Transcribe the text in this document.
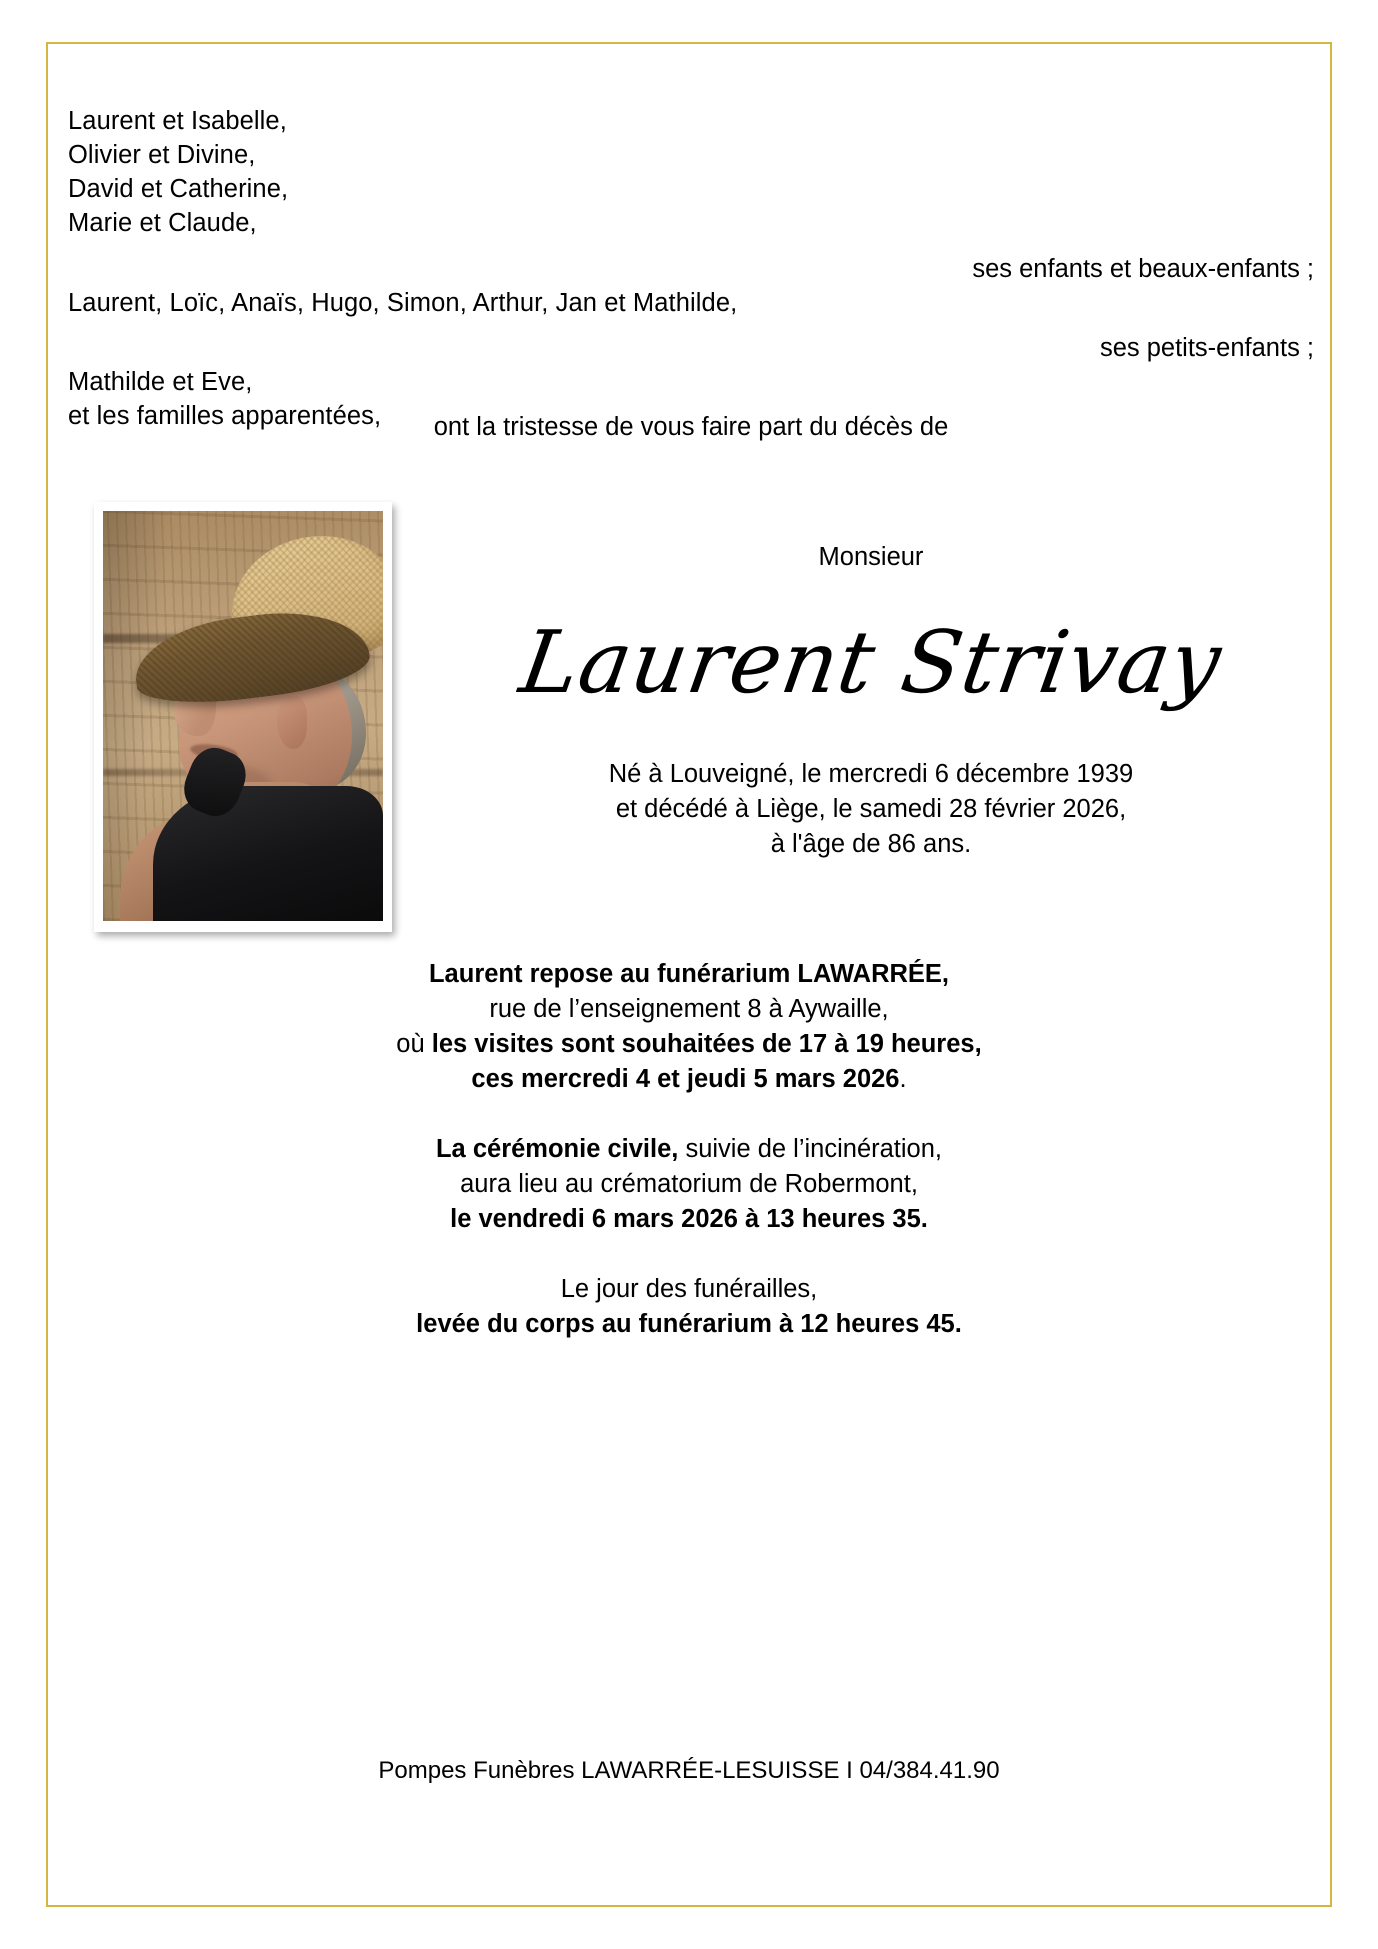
Laurent et Isabelle,
Olivier et Divine,
David et Catherine,
Marie et Claude,
ses enfants et beaux-enfants ;
Laurent, Loïc, Anaïs, Hugo, Simon, Arthur, Jan et Mathilde,
ses petits-enfants ;
Mathilde et Eve,
et les familles apparentées,	ont la tristesse de vous faire part du décès de
Monsieur
Laurent Strivay
Né à Louveigné, le mercredi 6 décembre 1939
et décédé à Liège, le samedi 28 février 2026,
à l'âge de 86 ans.
Laurent repose au funérarium LAWARRÉE,
rue de l’enseignement 8 à Aywaille,
où les visites sont souhaitées de 17 à 19 heures,
ces mercredi 4 et jeudi 5 mars 2026.
La cérémonie civile, suivie de l’incinération,
aura lieu au crématorium de Robermont,
le vendredi 6 mars 2026 à 13 heures 35.
Le jour des funérailles,
levée du corps au funérarium à 12 heures 45.
Pompes Funèbres LAWARRÉE-LESUISSE I 04/384.41.90
